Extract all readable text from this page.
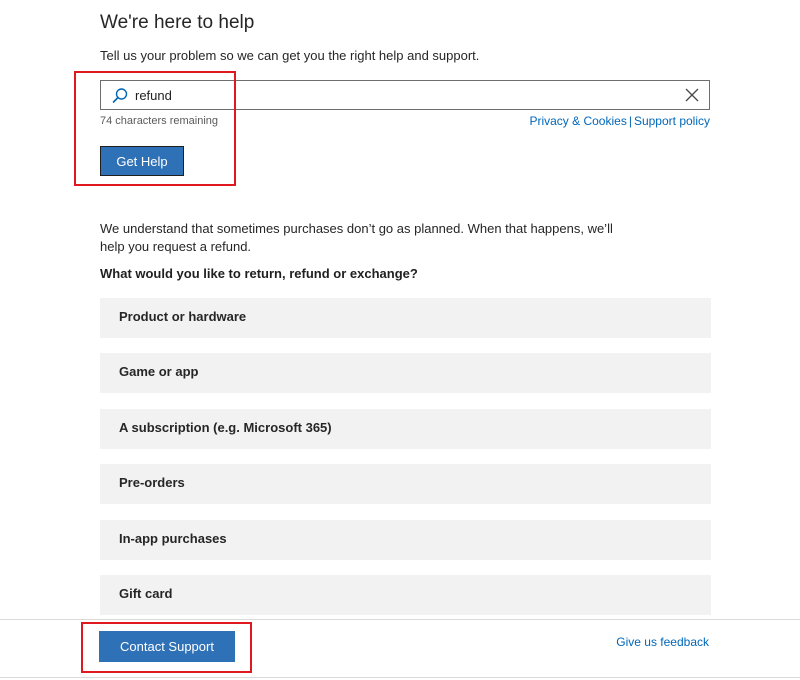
We're here to help

Tell us your problem so we can get you the right help and support.

refund
74 characters remaining	Privacy & Cookies | Support policy
Get Help

We understand that sometimes purchases don’t go as planned. When that happens, we’ll help you request a refund.

What would you like to return, refund or exchange?

Product or hardware
Game or app
A subscription (e.g. Microsoft 365)
Pre-orders
In-app purchases
Gift card
Contact Support	Give us feedback
